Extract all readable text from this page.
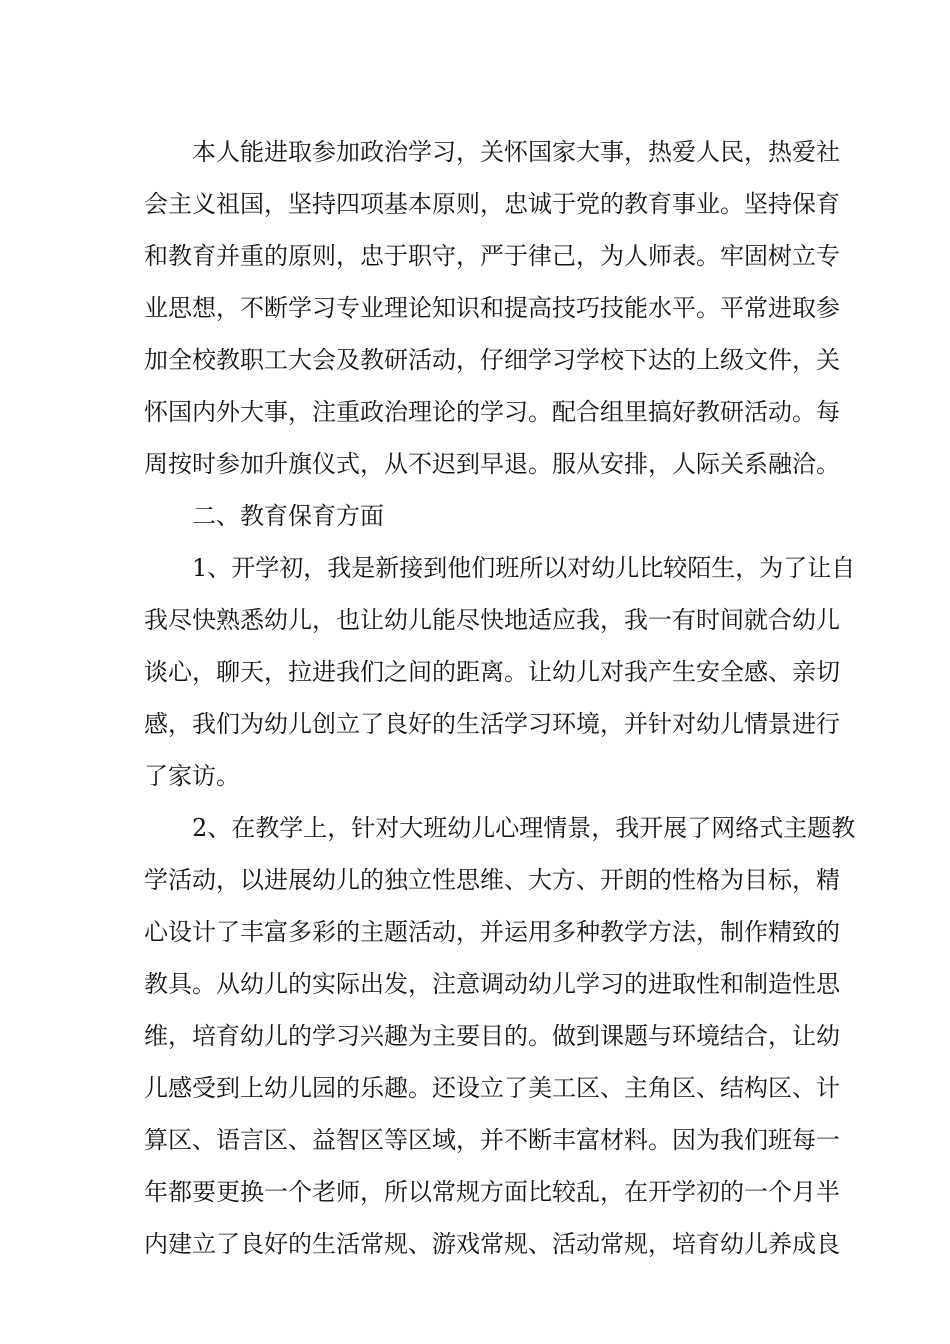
本人能进取参加政治学习，关怀国家大事，热爱人民，热爱社
会主义祖国，坚持四项基本原则，忠诚于党的教育事业。坚持保育
和教育并重的原则，忠于职守，严于律己，为人师表。牢固树立专
业思想，不断学习专业理论知识和提高技巧技能水平。平常进取参
加全校教职工大会及教研活动，仔细学习学校下达的上级文件，关
怀国内外大事，注重政治理论的学习。配合组里搞好教研活动。每
周按时参加升旗仪式，从不迟到早退。服从安排，人际关系融洽。
二、教育保育方面
1、开学初，我是新接到他们班所以对幼儿比较陌生，为了让自
我尽快熟悉幼儿，也让幼儿能尽快地适应我，我一有时间就合幼儿
谈心，聊天，拉进我们之间的距离。让幼儿对我产生安全感、亲切
感，我们为幼儿创立了良好的生活学习环境，并针对幼儿情景进行
了家访。
2、在教学上，针对大班幼儿心理情景，我开展了网络式主题教
学活动，以进展幼儿的独立性思维、大方、开朗的性格为目标，精
心设计了丰富多彩的主题活动，并运用多种教学方法，制作精致的
教具。从幼儿的实际出发，注意调动幼儿学习的进取性和制造性思
维，培育幼儿的学习兴趣为主要目的。做到课题与环境结合，让幼
儿感受到上幼儿园的乐趣。还设立了美工区、主角区、结构区、计
算区、语言区、益智区等区域，并不断丰富材料。因为我们班每一
年都要更换一个老师，所以常规方面比较乱，在开学初的一个月半
内建立了良好的生活常规、游戏常规、活动常规，培育幼儿养成良
